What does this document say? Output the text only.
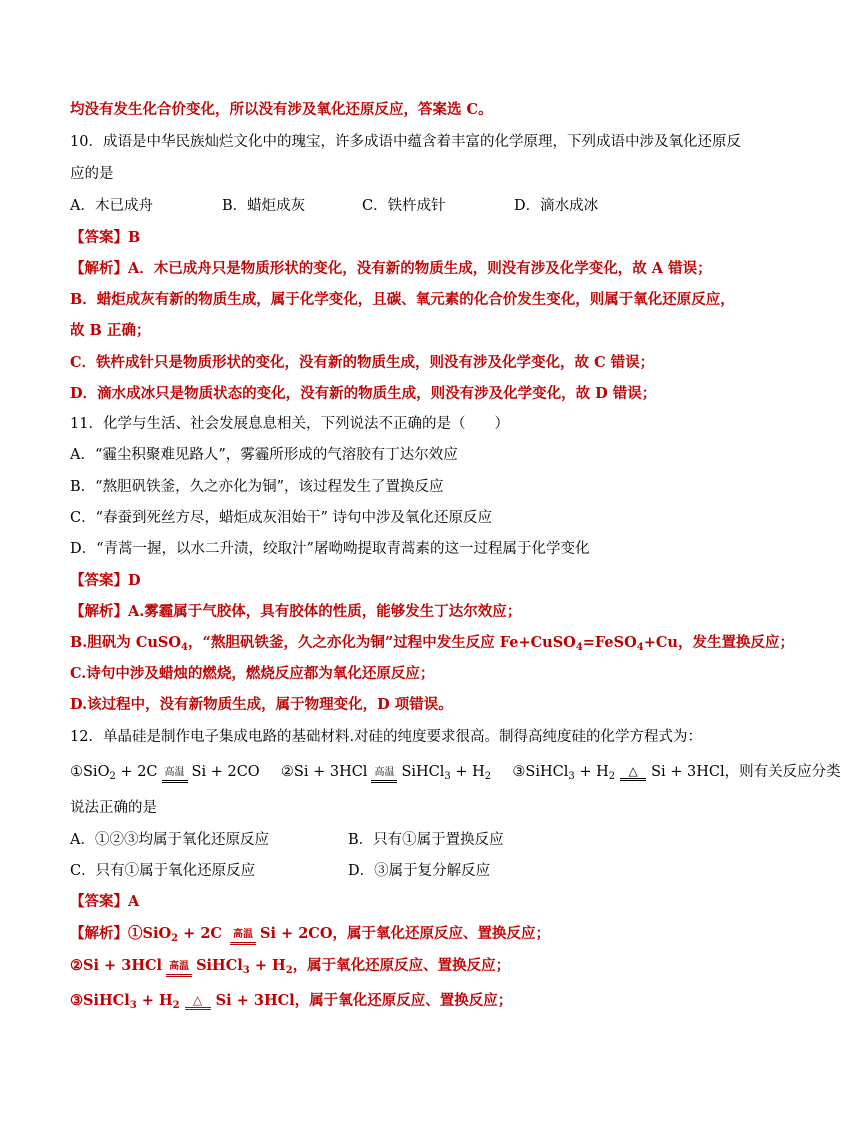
均没有发生化合价变化，所以没有涉及氧化还原反应，答案选 C。
10．成语是中华民族灿烂文化中的瑰宝，许多成语中蕴含着丰富的化学原理，下列成语中涉及氧化还原反
应的是
A．木已成舟	B．蜡炬成灰	C．铁杵成针	D．滴水成冰
【答案】B
【解析】A．木已成舟只是物质形状的变化，没有新的物质生成，则没有涉及化学变化，故 A 错误；
B．蜡炬成灰有新的物质生成，属于化学变化，且碳、氧元素的化合价发生变化，则属于氧化还原反应，
故 B 正确；
C．铁杵成针只是物质形状的变化，没有新的物质生成，则没有涉及化学变化，故 C 错误；
D．滴水成冰只是物质状态的变化，没有新的物质生成，则没有涉及化学变化，故 D 错误；
11．化学与生活、社会发展息息相关，下列说法不正确的是（　　）
A．“霾尘积聚难见路人”，雾霾所形成的气溶胶有丁达尔效应
B．“熬胆矾铁釜，久之亦化为铜”，该过程发生了置换反应
C．“春蚕到死丝方尽，蜡炬成灰泪始干” 诗句中涉及氧化还原反应
D．“青蒿一握，以水二升渍，绞取汁”屠呦呦提取青蒿素的这一过程属于化学变化
【答案】D
【解析】A.雾霾属于气胶体，具有胶体的性质，能够发生丁达尔效应；
B.胆矾为 CuSO$_4$，“熬胆矾铁釜，久之亦化为铜”过程中发生反应 Fe+CuSO$_4$=FeSO$_4$+Cu，发生置换反应；
C.诗句中涉及蜡烛的燃烧，燃烧反应都为氧化还原反应；
D.该过程中，没有新物质生成，属于物理变化，D 项错误。
12．单晶硅是制作电子集成电路的基础材料.对硅的纯度要求很高。制得高纯度硅的化学方程式为：
①SiO$_2$ + 2C 高温 Si + 2CO ②Si + 3HCl 高温 SiHCl$_3$ + $H_2$ ③SiHCl$_3$ + $H_2$ △ Si + 3HCl，则有关反应分类
说法正确的是
A．①②③均属于氧化还原反应	B．只有①属于置换反应
C．只有①属于氧化还原反应	D．③属于复分解反应
【答案】A
【解析】①SiO$_2$ + 2C 高温 Si + 2CO，属于氧化还原反应、置换反应；
②Si + 3HCl 高温 SiHCl$_3$ + $H_2$，属于氧化还原反应、置换反应；
③SiHCl$_3$ + $H_2$ △ Si + 3HCl，属于氧化还原反应、置换反应；
